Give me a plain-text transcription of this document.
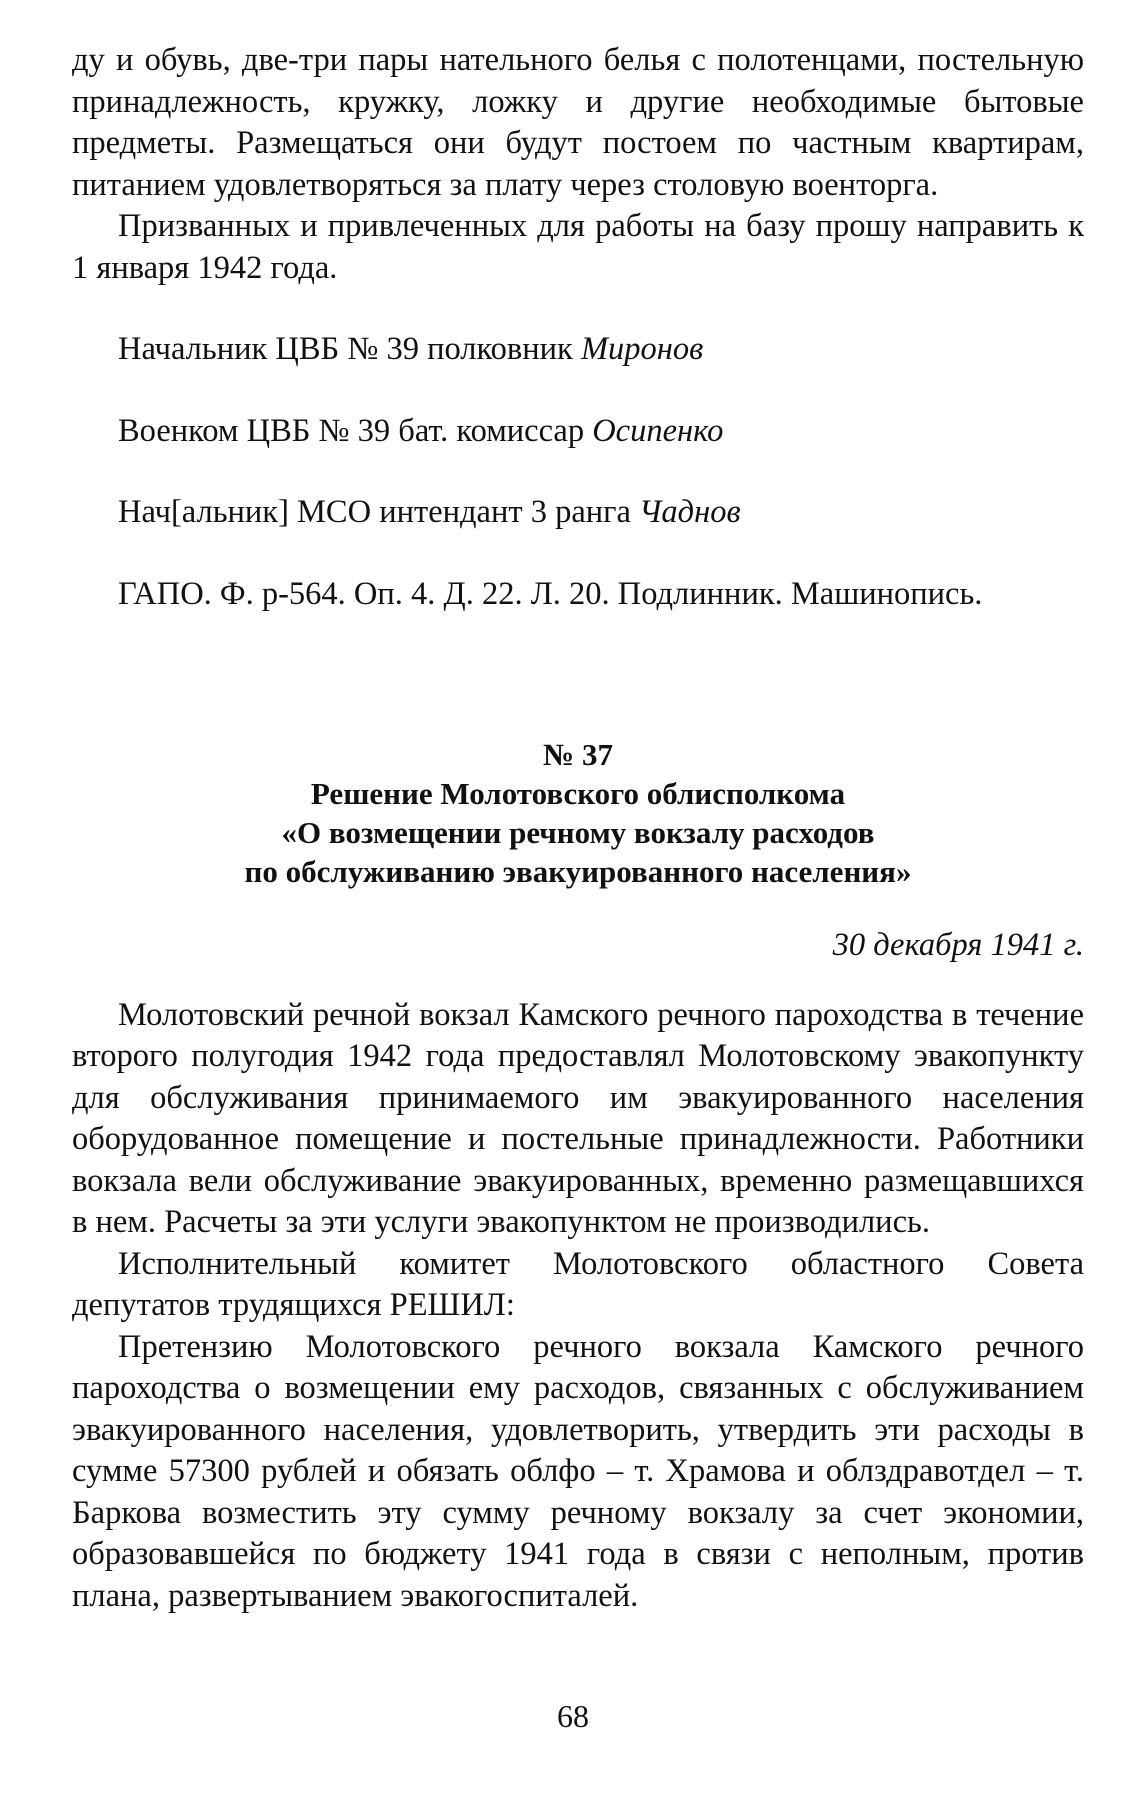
ду и обувь, две-три пары нательного белья с полотенцами, постельную принадлежность, кружку, ложку и другие необходимые бытовые предметы. Размещаться они будут постоем по частным квартирам, питанием удовлетворяться за плату через столовую военторга.

Призванных и привлеченных для работы на базу прошу направить к 1 января 1942 года.

Начальник ЦВБ № 39 полковник Миронов
Военком ЦВБ № 39 бат. комиссар Осипенко
Нач[альник] МСО интендант 3 ранга Чаднов
ГАПО. Ф. р-564. Оп. 4. Д. 22. Л. 20. Подлинник. Машинопись.
№ 37
Решение Молотовского облисполкома
«О возмещении речному вокзалу расходов
по обслуживанию эвакуированного населения»
30 декабря 1941 г.

Молотовский речной вокзал Камского речного пароходства в течение второго полугодия 1942 года предоставлял Молотовскому эвакопункту для обслуживания принимаемого им эвакуированного населения оборудованное помещение и постельные принадлежности. Работники вокзала вели обслуживание эвакуированных, временно размещавшихся в нем. Расчеты за эти услуги эвакопунктом не производились.

Исполнительный комитет Молотовского областного Совета депутатов трудящихся РЕШИЛ:

Претензию Молотовского речного вокзала Камского речного пароходства о возмещении ему расходов, связанных с обслуживанием эвакуированного населения, удовлетворить, утвердить эти расходы в сумме 57300 рублей и обязать облфо – т. Храмова и облздравотдел – т. Баркова возместить эту сумму речному вокзалу за счет экономии, образовавшейся по бюджету 1941 года в связи с неполным, против плана, развертыванием эвакогоспиталей.

68
